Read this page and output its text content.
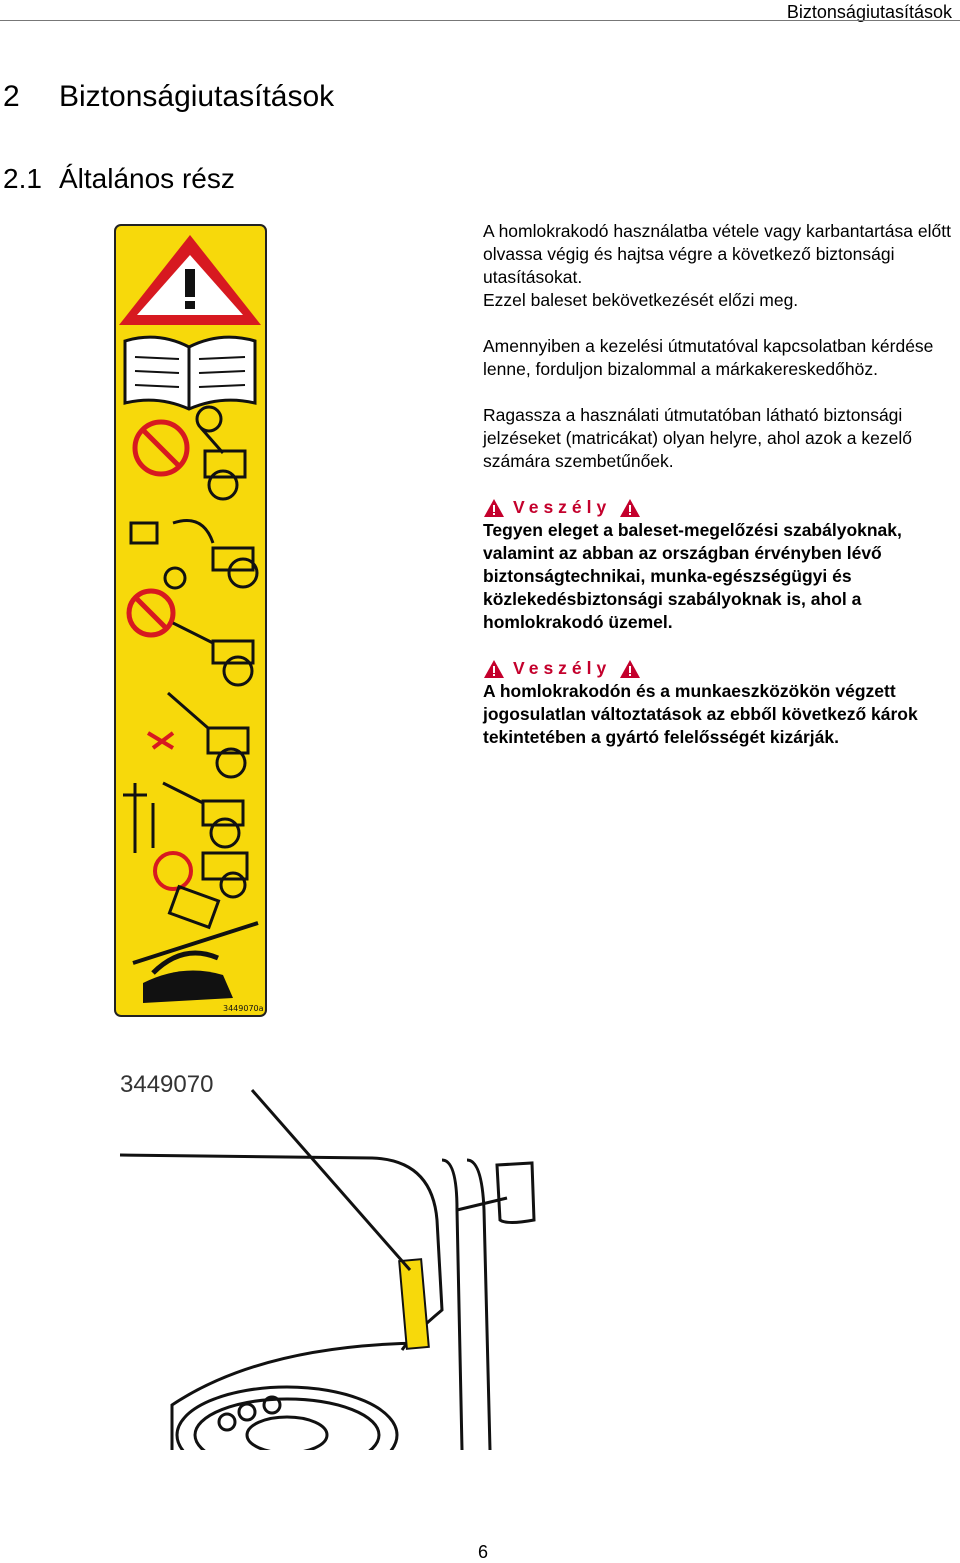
Biztonságiutasítások
2 Biztonságiutasítások
2.1 Általános rész
3449070a

A homlokrakodó használatba vétele vagy karbantartása előtt olvassa végig és hajtsa végre a következő biztonsági utasításokat.

Ezzel baleset bekövetkezését előzi meg.

Amennyiben a kezelési útmutatóval kapcsolatban kérdése lenne, forduljon bizalommal a márkakereskedőhöz.

Ragassza a használati útmutatóban látható biztonsági jelzéseket (matricákat) olyan helyre, ahol azok a kezelő számára szembetűnőek.

Veszély

Tegyen eleget a baleset-megelőzési szabályoknak, valamint az abban az országban érvényben lévő biztonságtechnikai, munka-egészségügyi és közlekedésbiztonsági szabályoknak is, ahol a homlokrakodó üzemel.

Veszély

A homlokrakodón és a munkaeszközökön végzett jogosulatlan változtatások az ebből következő károk tekintetében a gyártó felelősségét kizárják.

3449070
6
